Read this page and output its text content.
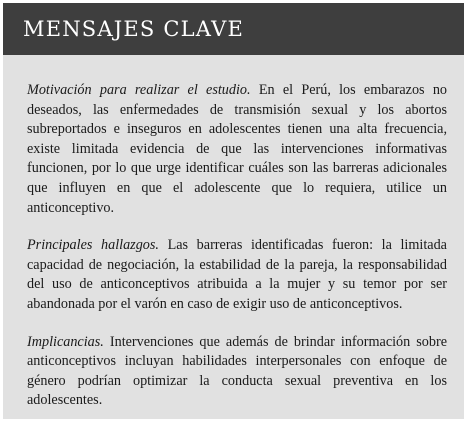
MENSAJES CLAVE

Motivación para realizar el estudio. En el Perú, los embarazos no deseados, las enfermedades de transmisión sexual y los abortos subreportados e inseguros en adolescentes tienen una alta frecuencia, existe limitada evidencia de que las intervenciones informativas funcionen, por lo que urge identificar cuáles son las barreras adicionales que influyen en que el adolescente que lo requiera, utilice un anticonceptivo.

Principales hallazgos. Las barreras identificadas fueron: la limitada capacidad de negociación, la estabilidad de la pareja, la responsabilidad del uso de anticonceptivos atribuida a la mujer y su temor por ser abandonada por el varón en caso de exigir uso de anticonceptivos.

Implicancias. Intervenciones que además de brindar información sobre anticonceptivos incluyan habilidades interpersonales con enfoque de género podrían optimizar la conducta sexual preventiva en los adolescentes.
